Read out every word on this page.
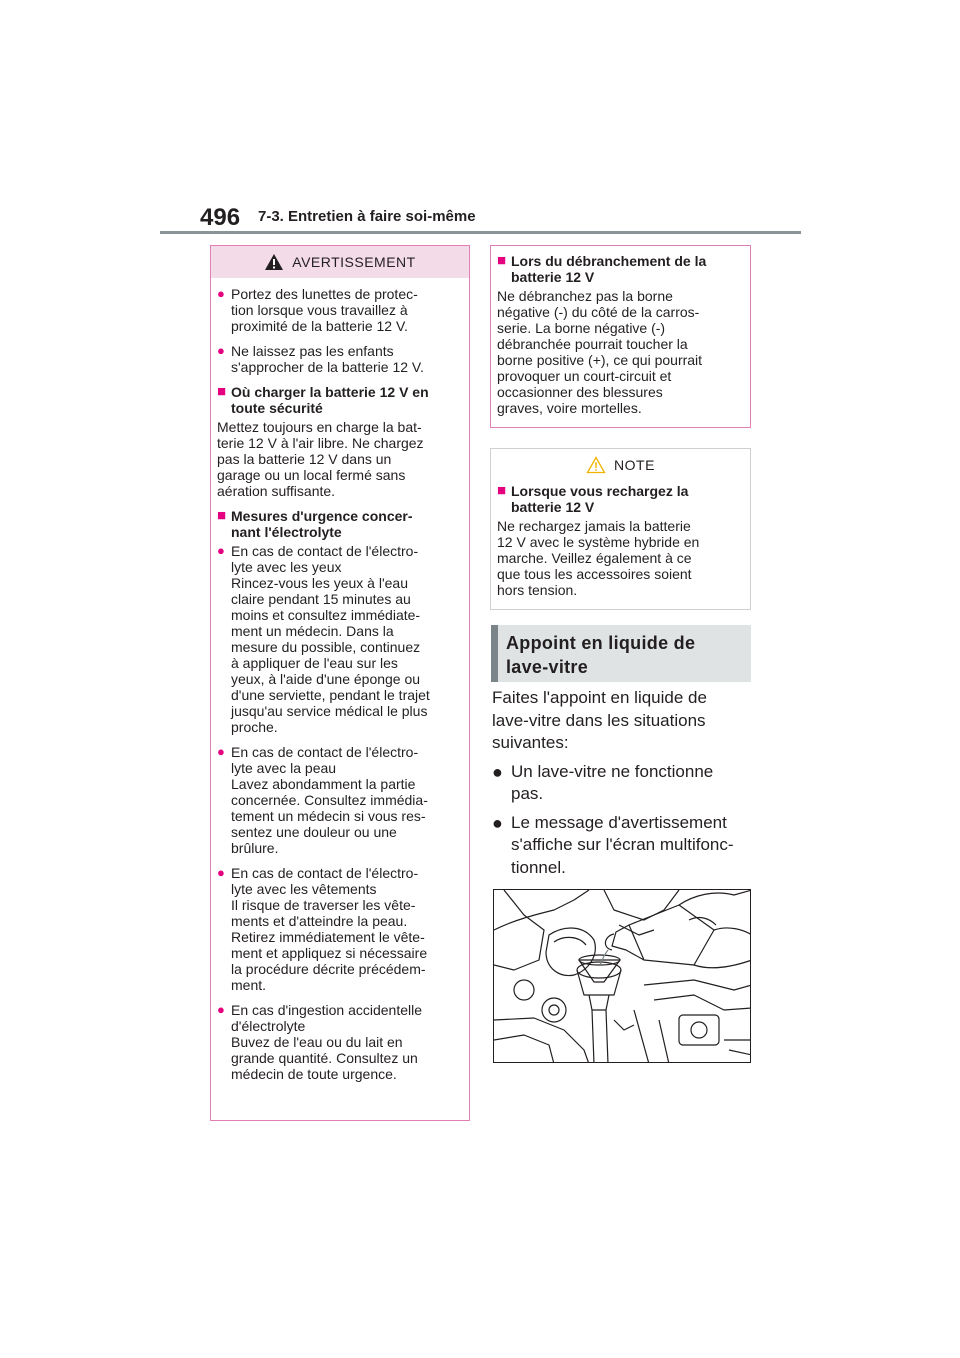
496 7-3. Entretien à faire soi-même
AVERTISSEMENT
● Portez des lunettes de protec-
tion lorsque vous travaillez à
proximité de la batterie 12 V.
● Ne laissez pas les enfants
s'approcher de la batterie 12 V.
■ Où charger la batterie 12 V en toute sécurité
Mettez toujours en charge la bat-
terie 12 V à l'air libre. Ne chargez
pas la batterie 12 V dans un
garage ou un local fermé sans
aération suffisante.
■ Mesures d'urgence concer-
nant l'électrolyte
● En cas de contact de l'électro-
lyte avec les yeux
Rincez-vous les yeux à l'eau
claire pendant 15 minutes au
moins et consultez immédiate-
ment un médecin. Dans la
mesure du possible, continuez
à appliquer de l'eau sur les
yeux, à l'aide d'une éponge ou
d'une serviette, pendant le trajet
jusqu'au service médical le plus
proche.
● En cas de contact de l'électro-
lyte avec la peau
Lavez abondamment la partie
concernée. Consultez immédia-
tement un médecin si vous res-
sentez une douleur ou une
brûlure.
● En cas de contact de l'électro-
lyte avec les vêtements
Il risque de traverser les vête-
ments et d'atteindre la peau.
Retirez immédiatement le vête-
ment et appliquez si nécessaire
la procédure décrite précédem-
ment.
● En cas d'ingestion accidentelle
d'électrolyte
Buvez de l'eau ou du lait en
grande quantité. Consultez un
médecin de toute urgence.
■ Lors du débranchement de la
batterie 12 V
Ne débranchez pas la borne
négative (-) du côté de la carros-
serie. La borne négative (-)
débranchée pourrait toucher la
borne positive (+), ce qui pourrait
provoquer un court-circuit et
occasionner des blessures
graves, voire mortelles.
NOTE
■ Lorsque vous rechargez la
batterie 12 V
Ne rechargez jamais la batterie
12 V avec le système hybride en
marche. Veillez également à ce
que tous les accessoires soient
hors tension.
Appoint en liquide de
lave-vitre
Faites l'appoint en liquide de
lave-vitre dans les situations
suivantes:
● Un lave-vitre ne fonctionne
pas.
● Le message d'avertissement
s'affiche sur l'écran multifonc-
tionnel.
